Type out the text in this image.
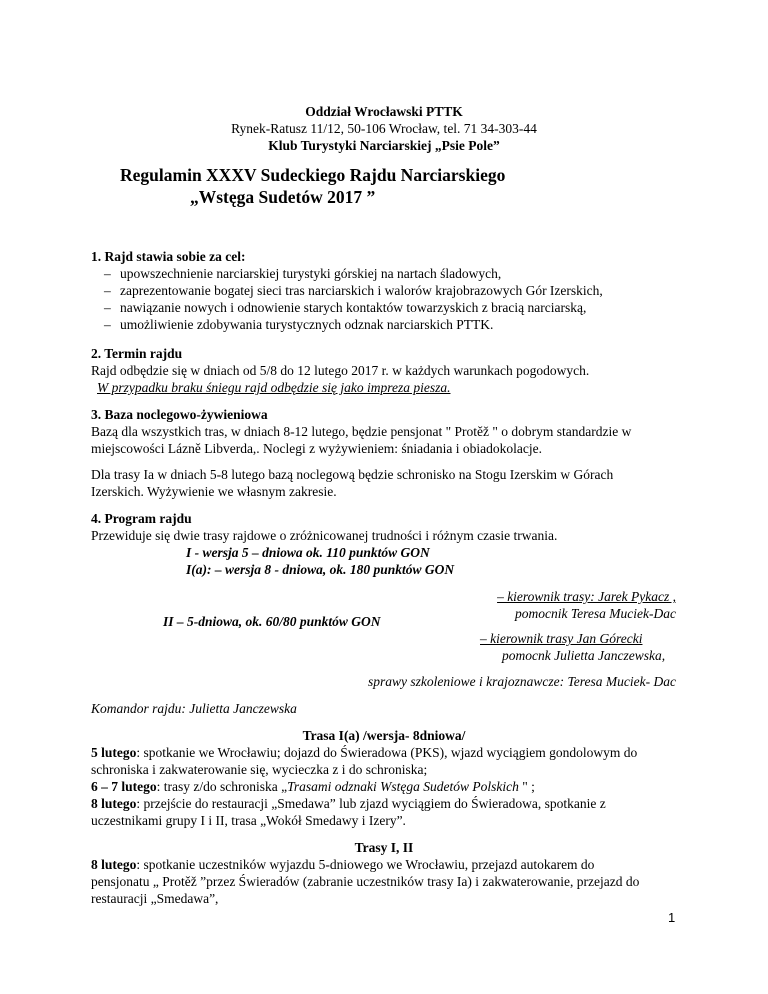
Oddział Wrocławski PTTK
Rynek-Ratusz 11/12, 50-106 Wrocław, tel. 71 34-303-44
Klub Turystyki Narciarskiej „Psie Pole”
Regulamin XXXV Sudeckiego Rajdu Narciarskiego
„Wstęga Sudetów 2017 ”
1. Rajd stawia sobie za cel:
– upowszechnienie narciarskiej turystyki górskiej na nartach śladowych,
– zaprezentowanie bogatej sieci tras narciarskich i walorów krajobrazowych Gór Izerskich,
– nawiązanie nowych i odnowienie starych kontaktów towarzyskich z bracią narciarską,
– umożliwienie zdobywania turystycznych odznak narciarskich PTTK.
2. Termin rajdu
Rajd odbędzie się w dniach od 5/8 do 12 lutego 2017 r. w każdych warunkach pogodowych.
W przypadku braku śniegu rajd odbędzie się jako impreza piesza.
3. Baza noclegowo-żywieniowa
Bazą dla wszystkich tras, w dniach 8-12 lutego, będzie pensjonat " Protěž " o dobrym standardzie w
miejscowości Lázně Libverda,. Noclegi z wyżywieniem: śniadania i obiadokolacje.
Dla trasy Ia w dniach 5-8 lutego bazą noclegową będzie schronisko na Stogu Izerskim w Górach
Izerskich. Wyżywienie we własnym zakresie.
4. Program rajdu
Przewiduje się dwie trasy rajdowe o zróżnicowanej trudności i różnym czasie trwania.
I - wersja 5 – dniowa ok. 110 punktów GON
I(a): – wersja 8 - dniowa, ok. 180 punktów GON
– kierownik trasy: Jarek Pykacz ,
pomocnik Teresa Muciek-Dac
II – 5-dniowa, ok. 60/80 punktów GON
– kierownik trasy Jan Górecki
pomocnk Julietta Janczewska,
sprawy szkoleniowe i krajoznawcze: Teresa Muciek- Dac
Komandor rajdu: Julietta Janczewska
Trasa I(a) /wersja- 8dniowa/
5 lutego: spotkanie we Wrocławiu; dojazd do Świeradowa (PKS), wjazd wyciągiem gondolowym do
schroniska i zakwaterowanie się, wycieczka z i do schroniska;
6 – 7 lutego: trasy z/do schroniska „Trasami odznaki Wstęga Sudetów Polskich " ;
8 lutego: przejście do restauracji „Smedawa” lub zjazd wyciągiem do Świeradowa, spotkanie z
uczestnikami grupy I i II, trasa „Wokół Smedawy i Izery”.
Trasy I, II
8 lutego: spotkanie uczestników wyjazdu 5-dniowego we Wrocławiu, przejazd autokarem do
pensjonatu „ Protěž ”przez Świeradów (zabranie uczestników trasy Ia) i zakwaterowanie, przejazd do
restauracji „Smedawa”,
1
